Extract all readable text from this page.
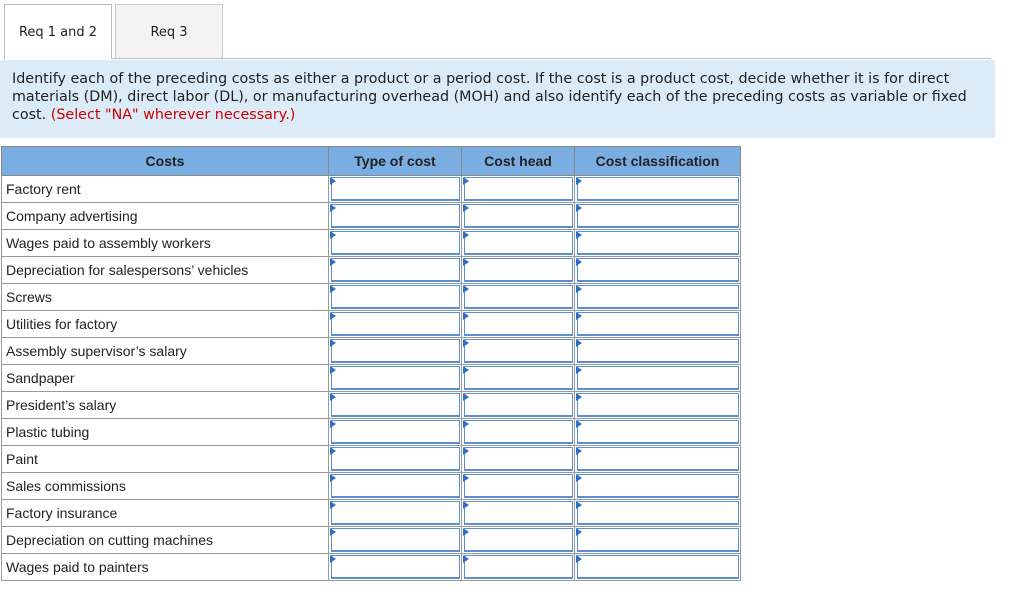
Req 1 and 2	Req 3
Identify each of the preceding costs as either a product or a period cost. If the cost is a product cost, decide whether it is for direct materials (DM), direct labor (DL), or manufacturing overhead (MOH) and also identify each of the preceding costs as variable or fixed cost. (Select "NA" wherever necessary.)
Costs	Type of cost	Cost head	Cost classification
Factory rent	

Company advertising	

Wages paid to assembly workers	

Depreciation for salespersons’ vehicles	

Screws	

Utilities for factory	

Assembly supervisor’s salary	

Sandpaper	

President’s salary	

Plastic tubing	

Paint	

Sales commissions	

Factory insurance	

Depreciation on cutting machines	

Wages paid to painters	
